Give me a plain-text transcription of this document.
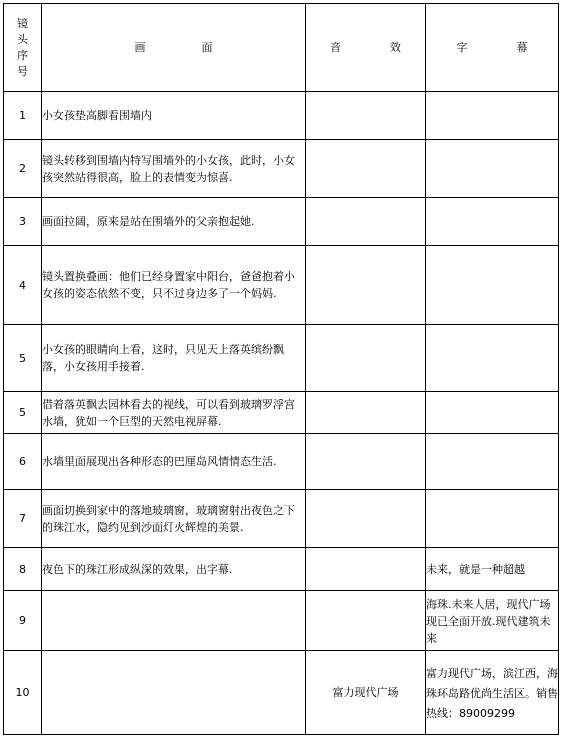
镜
头
序
号	画                面	音              效	字              幕
1	小女孩垫高脚看围墙内		
2	镜头转移到围墙内特写围墙外的小女孩，此时，小女孩突然站得很高，脸上的表情变为惊喜.		
3	画面拉阔，原来是站在围墙外的父亲抱起她.		
4	镜头置换叠画：他们已经身置家中阳台，爸爸抱着小女孩的姿态依然不变，只不过身边多了一个妈妈.		
5	小女孩的眼睛向上看，这时，只见天上落英缤纷飘落，小女孩用手接着.		
5	借着落英飘去园林看去的视线，可以看到玻璃罗浮宫水墙，犹如一个巨型的天然电视屏幕.		
6	水墙里面展现出各种形态的巴厘岛风情情态生活.		
7	画面切换到家中的落地玻璃窗，玻璃窗射出夜色之下的珠江水，隐约见到沙面灯火辉煌的美景.		
8	夜色下的珠江形成纵深的效果，出字幕.		未来，就是一种超越
9			海珠.未来人居，现代广场现已全面开放.现代建筑未来
10		富力现代广场	富力现代广场，滨江西，海珠环岛路优尚生活区。销售热线：89009299
